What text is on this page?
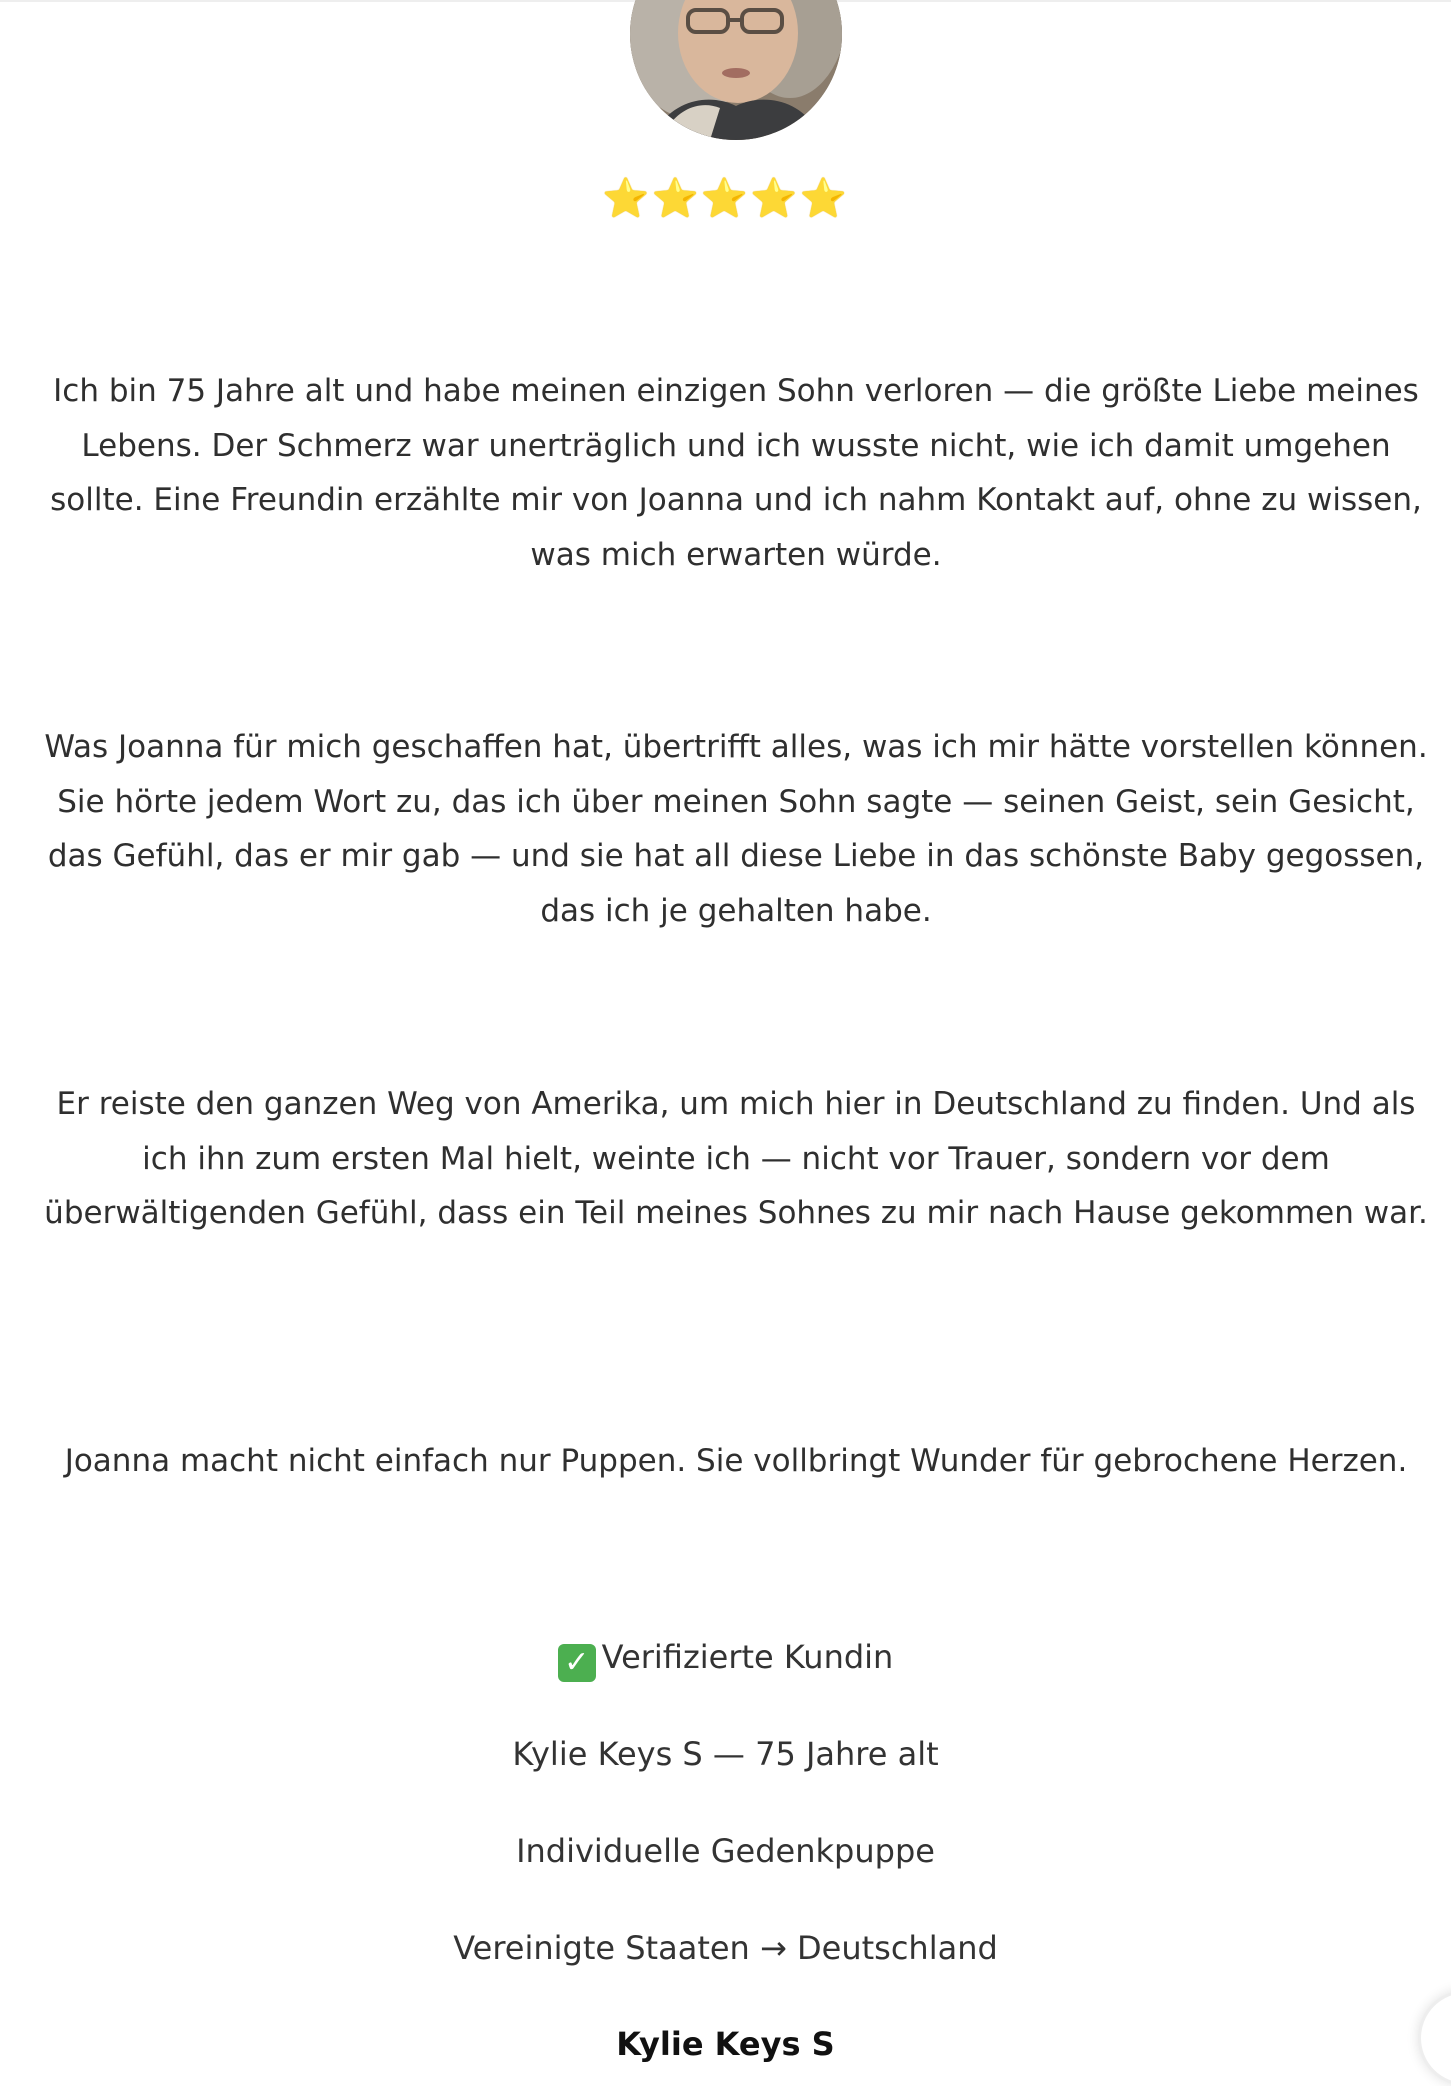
⭐⭐⭐⭐⭐

Ich bin 75 Jahre alt und habe meinen einzigen Sohn verloren — die größte Liebe meines Lebens. Der Schmerz war unerträglich und ich wusste nicht, wie ich damit umgehen sollte. Eine Freundin erzählte mir von Joanna und ich nahm Kontakt auf, ohne zu wissen, was mich erwarten würde.

Was Joanna für mich geschaffen hat, übertrifft alles, was ich mir hätte vorstellen können. Sie hörte jedem Wort zu, das ich über meinen Sohn sagte — seinen Geist, sein Gesicht, das Gefühl, das er mir gab — und sie hat all diese Liebe in das schönste Baby gegossen, das ich je gehalten habe.

Er reiste den ganzen Weg von Amerika, um mich hier in Deutschland zu finden. Und als ich ihn zum ersten Mal hielt, weinte ich — nicht vor Trauer, sondern vor dem überwältigenden Gefühl, dass ein Teil meines Sohnes zu mir nach Hause gekommen war.

Joanna macht nicht einfach nur Puppen. Sie vollbringt Wunder für gebrochene Herzen.

✓ Verifizierte Kundin

Kylie Keys S — 75 Jahre alt

Individuelle Gedenkpuppe

Vereinigte Staaten → Deutschland

Kylie Keys S
